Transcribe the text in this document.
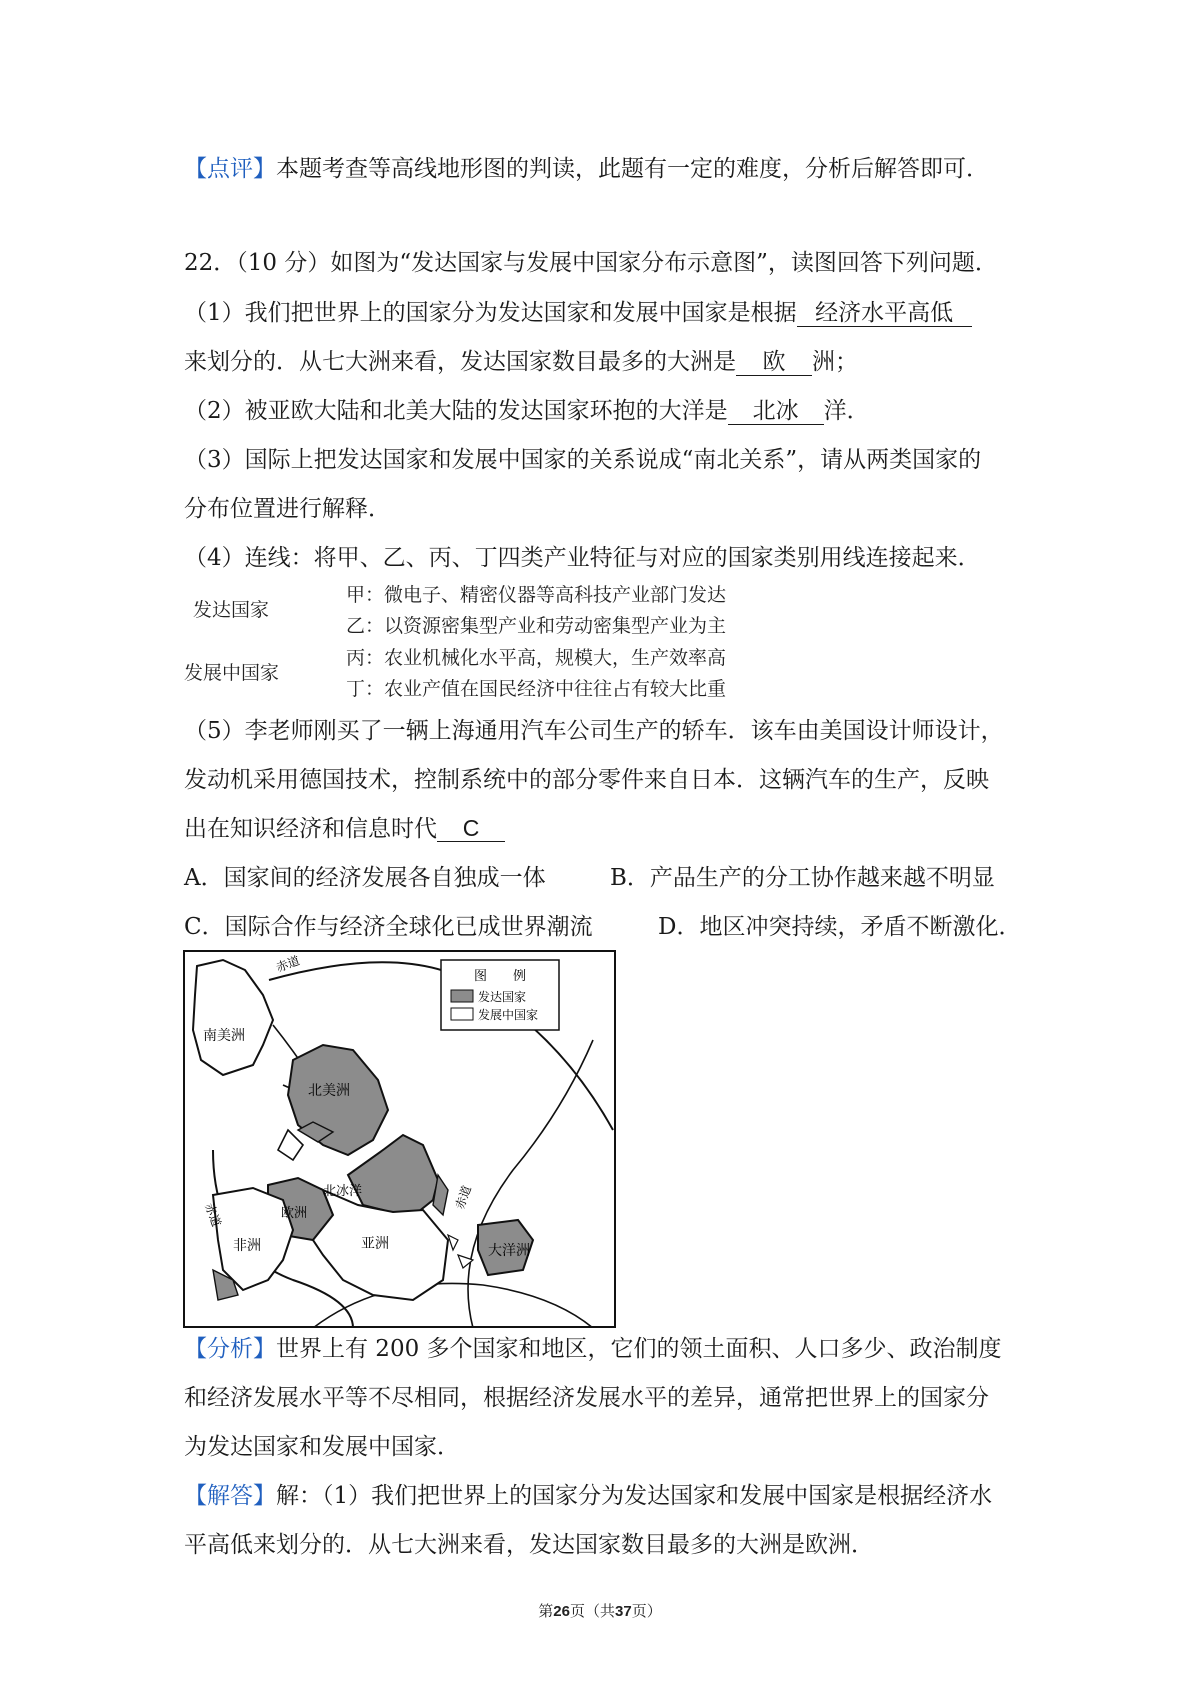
【点评】本题考查等高线地形图的判读，此题有一定的难度，分析后解答即可．
22．（10 分）如图为“发达国家与发展中国家分布示意图”，读图回答下列问题．
（1）我们把世界上的国家分为发达国家和发展中国家是根据 经济水平高低
来划分的．从七大洲来看，发达国家数目最多的大洲是 欧 洲；
（2）被亚欧大陆和北美大陆的发达国家环抱的大洋是 北冰 洋．
（3）国际上把发达国家和发展中国家的关系说成“南北关系”，请从两类国家的
分布位置进行解释．
（4）连线：将甲、乙、丙、丁四类产业特征与对应的国家类别用线连接起来．
发达国家
发展中国家
甲：微电子、精密仪器等高科技产业部门发达
乙：以资源密集型产业和劳动密集型产业为主
丙：农业机械化水平高，规模大，生产效率高
丁：农业产值在国民经济中往往占有较大比重
（5）李老师刚买了一辆上海通用汽车公司生产的轿车．该车由美国设计师设计，
发动机采用德国技术，控制系统中的部分零件来自日本．这辆汽车的生产，反映
出在知识经济和信息时代 C
A．国家间的经济发展各自独成一体	B．产品生产的分工协作越来越不明显
C．国际合作与经济全球化已成世界潮流	D．地区冲突持续，矛盾不断激化．
图　　例
发达国家
发展中国家
南美洲
北美洲
北冰洋
欧洲
非洲	亚洲	大洋洲
赤道
赤道
赤道
【分析】世界上有 200 多个国家和地区，它们的领土面积、人口多少、政治制度
和经济发展水平等不尽相同，根据经济发展水平的差异，通常把世界上的国家分
为发达国家和发展中国家．
【解答】解：（1）我们把世界上的国家分为发达国家和发展中国家是根据经济水
平高低来划分的．从七大洲来看，发达国家数目最多的大洲是欧洲．
第26页（共37页）
